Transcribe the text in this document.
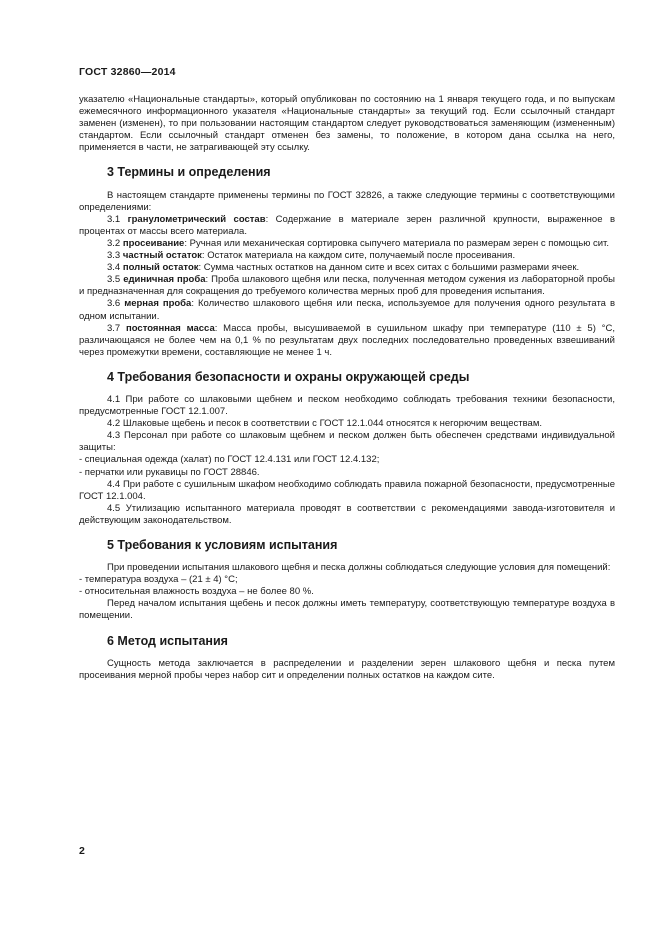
ГОСТ 32860—2014

указателю «Национальные стандарты», который опубликован по состоянию на 1 января текущего года, и по выпускам ежемесячного информационного указателя «Национальные стандарты» за текущий год. Если ссылочный стандарт заменен (изменен), то при пользовании настоящим стандартом следует руководствоваться заменяющим (измененным) стандартом. Если ссылочный стандарт отменен без замены, то положение, в котором дана ссылка на него, применяется в части, не затрагивающей эту ссылку.

3 Термины и определения

В настоящем стандарте применены термины по ГОСТ 32826, а также следующие термины с соответствующими определениями:

3.1 гранулометрический состав: Содержание в материале зерен различной крупности, выраженное в процентах от массы всего материала.

3.2 просеивание: Ручная или механическая сортировка сыпучего материала по размерам зерен с помощью сит.

3.3 частный остаток: Остаток материала на каждом сите, получаемый после просеивания.

3.4 полный остаток: Сумма частных остатков на данном сите и всех ситах с большими размерами ячеек.

3.5 единичная проба: Проба шлакового щебня или песка, полученная методом сужения из лабораторной пробы и предназначенная для сокращения до требуемого количества мерных проб для проведения испытания.

3.6 мерная проба: Количество шлакового щебня или песка, используемое для получения одного результата в одном испытании.

3.7 постоянная масса: Масса пробы, высушиваемой в сушильном шкафу при температуре (110 ± 5) °С, различающаяся не более чем на 0,1 % по результатам двух последних последовательно проведенных взвешиваний через промежутки времени, составляющие не менее 1 ч.

4 Требования безопасности и охраны окружающей среды

4.1 При работе со шлаковыми щебнем и песком необходимо соблюдать требования техники безопасности, предусмотренные ГОСТ 12.1.007.

4.2 Шлаковые щебень и песок в соответствии с ГОСТ 12.1.044 относятся к негорючим веществам.

4.3 Персонал при работе со шлаковым щебнем и песком должен быть обеспечен средствами индивидуальной защиты:

- специальная одежда (халат) по ГОСТ 12.4.131 или ГОСТ 12.4.132;

- перчатки или рукавицы по ГОСТ 28846.

4.4 При работе с сушильным шкафом необходимо соблюдать правила пожарной безопасности, предусмотренные ГОСТ 12.1.004.

4.5 Утилизацию испытанного материала проводят в соответствии с рекомендациями завода-изготовителя и действующим законодательством.

5 Требования к условиям испытания

При проведении испытания шлакового щебня и песка должны соблюдаться следующие условия для помещений:

- температура воздуха – (21 ± 4) °С;

- относительная влажность воздуха – не более 80 %.

Перед началом испытания щебень и песок должны иметь температуру, соответствующую температуре воздуха в помещении.

6 Метод испытания

Сущность метода заключается в распределении и разделении зерен шлакового щебня и песка путем просеивания мерной пробы через набор сит и определении полных остатков на каждом сите.

2
